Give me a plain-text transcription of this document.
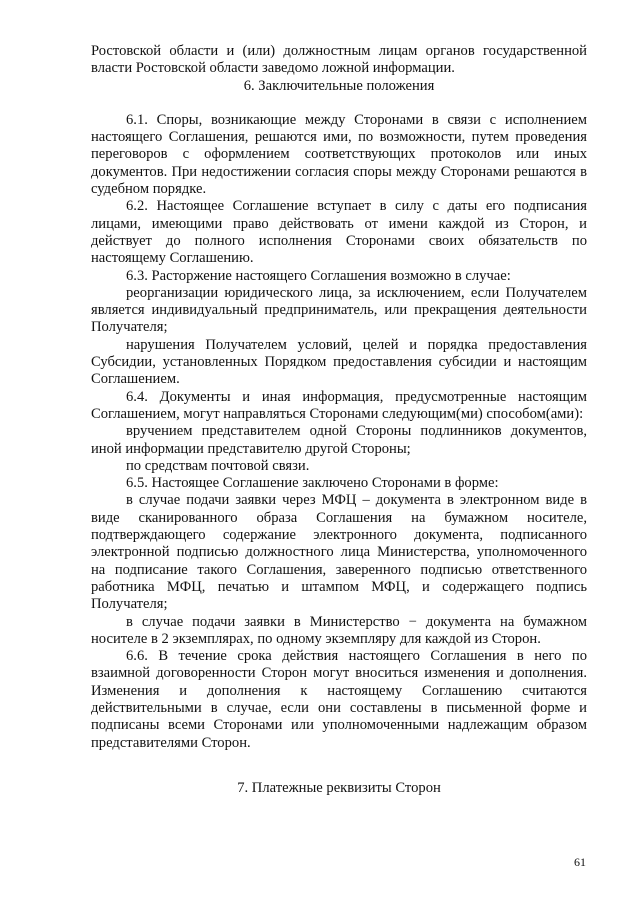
Ростовской области и (или) должностным лицам органов государственной власти Ростовской области заведомо ложной информации.

6. Заключительные положения

6.1. Споры, возникающие между Сторонами в связи с исполнением настоящего Соглашения, решаются ими, по возможности, путем проведения переговоров с оформлением соответствующих протоколов или иных документов. При недостижении согласия споры между Сторонами решаются в судебном порядке.

6.2. Настоящее Соглашение вступает в силу с даты его подписания лицами, имеющими право действовать от имени каждой из Сторон, и действует до полного исполнения Сторонами своих обязательств по настоящему Соглашению.

6.3. Расторжение настоящего Соглашения возможно в случае:

реорганизации юридического лица, за исключением, если Получателем является индивидуальный предприниматель, или прекращения деятельности Получателя;

нарушения Получателем условий, целей и порядка предоставления Субсидии, установленных Порядком предоставления субсидии и настоящим Соглашением.

6.4. Документы и иная информация, предусмотренные настоящим Соглашением, могут направляться Сторонами следующим(ми) способом(ами):

вручением представителем одной Стороны подлинников документов, иной информации представителю другой Стороны;

по средствам почтовой связи.

6.5. Настоящее Соглашение заключено Сторонами в форме:

в случае подачи заявки через МФЦ – документа в электронном виде в виде сканированного образа Соглашения на бумажном носителе, подтверждающего содержание электронного документа, подписанного электронной подписью должностного лица Министерства, уполномоченного на подписание такого Соглашения, заверенного подписью ответственного работника МФЦ, печатью и штампом МФЦ, и содержащего подпись Получателя;

в случае подачи заявки в Министерство − документа на бумажном носителе в 2 экземплярах, по одному экземпляру для каждой из Сторон.

6.6. В течение срока действия настоящего Соглашения в него по взаимной договоренности Сторон могут вноситься изменения и дополнения. Изменения и дополнения к настоящему Соглашению считаются действительными в случае, если они составлены в письменной форме и подписаны всеми Сторонами или уполномоченными надлежащим образом представителями Сторон.

7. Платежные реквизиты Сторон

61
